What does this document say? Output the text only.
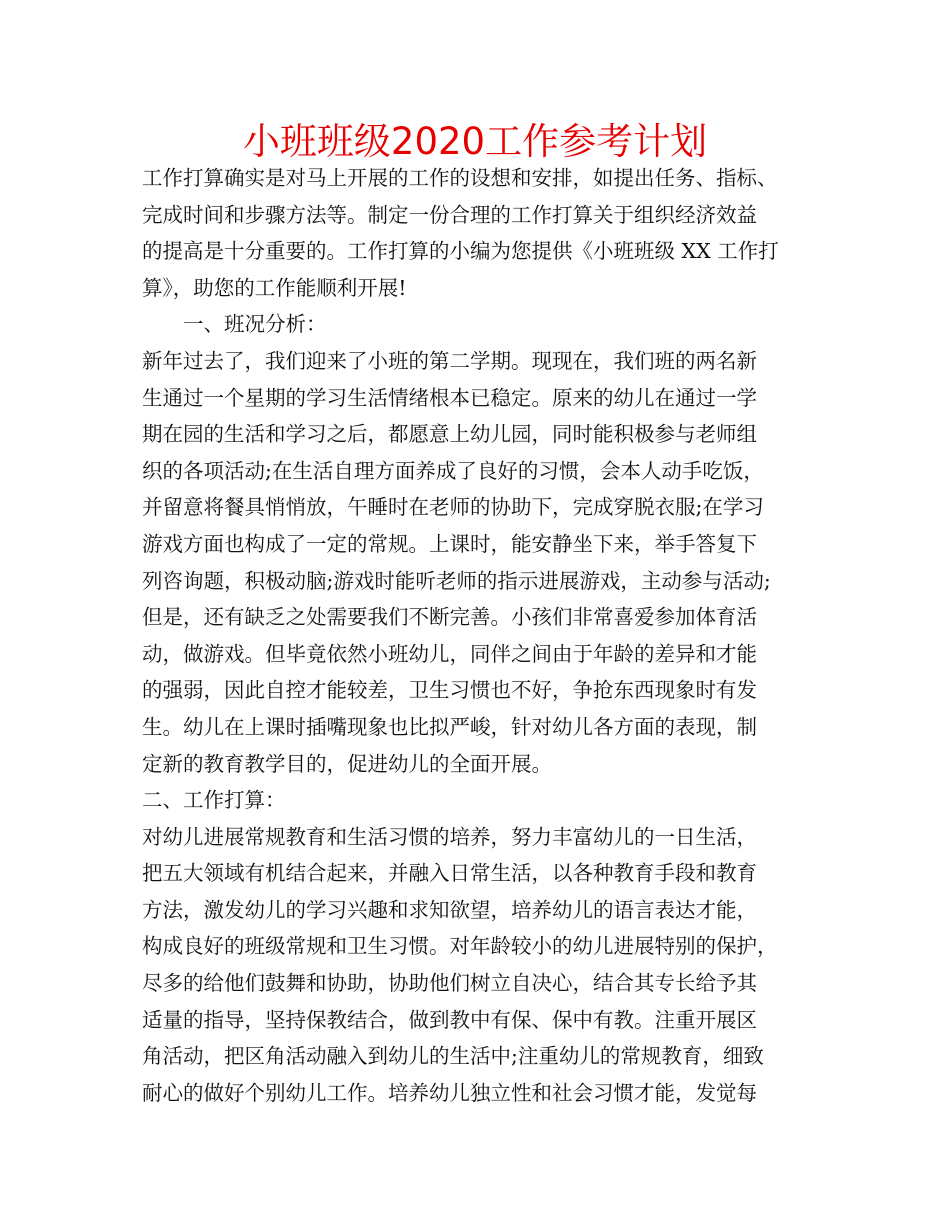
小班班级2020工作参考计划
工作打算确实是对马上开展的工作的设想和安排，如提出任务、指标、
完成时间和步骤方法等。制定一份合理的工作打算关于组织经济效益
的提高是十分重要的。工作打算的小编为您提供《小班班级 XX 工作打
算》，助您的工作能顺利开展!
一、班况分析：
新年过去了，我们迎来了小班的第二学期。现现在，我们班的两名新
生通过一个星期的学习生活情绪根本已稳定。原来的幼儿在通过一学
期在园的生活和学习之后，都愿意上幼儿园，同时能积极参与老师组
织的各项活动;在生活自理方面养成了良好的习惯，会本人动手吃饭，
并留意将餐具悄悄放，午睡时在老师的协助下，完成穿脱衣服;在学习
游戏方面也构成了一定的常规。上课时，能安静坐下来，举手答复下
列咨询题，积极动脑;游戏时能听老师的指示进展游戏，主动参与活动;
但是，还有缺乏之处需要我们不断完善。小孩们非常喜爱参加体育活
动，做游戏。但毕竟依然小班幼儿，同伴之间由于年龄的差异和才能
的强弱，因此自控才能较差，卫生习惯也不好，争抢东西现象时有发
生。幼儿在上课时插嘴现象也比拟严峻，针对幼儿各方面的表现，制
定新的教育教学目的，促进幼儿的全面开展。
二、工作打算：
对幼儿进展常规教育和生活习惯的培养，努力丰富幼儿的一日生活，
把五大领域有机结合起来，并融入日常生活，以各种教育手段和教育
方法，激发幼儿的学习兴趣和求知欲望，培养幼儿的语言表达才能，
构成良好的班级常规和卫生习惯。对年龄较小的幼儿进展特别的保护，
尽多的给他们鼓舞和协助，协助他们树立自决心，结合其专长给予其
适量的指导，坚持保教结合，做到教中有保、保中有教。注重开展区
角活动，把区角活动融入到幼儿的生活中;注重幼儿的常规教育，细致
耐心的做好个别幼儿工作。培养幼儿独立性和社会习惯才能，发觉每
